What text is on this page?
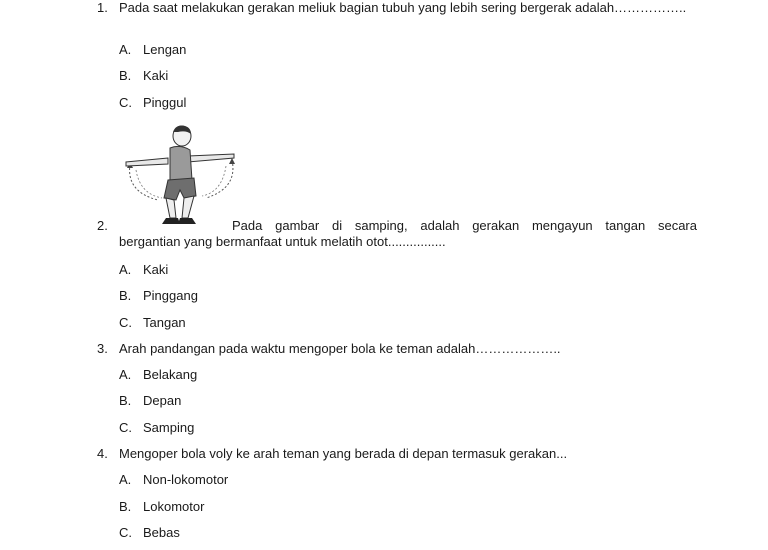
1. Pada saat melakukan gerakan meliuk bagian tubuh yang lebih sering bergerak adalah……………..
A. Lengan
B. Kaki
C. Pinggul
2.	Pada gambar di samping, adalah gerakan mengayun tangan secara
bergantian yang bermanfaat untuk melatih otot................
A. Kaki
B. Pinggang
C. Tangan
3. Arah pandangan pada waktu mengoper bola ke teman adalah………………..
A. Belakang
B. Depan
C. Samping
4. Mengoper bola voly ke arah teman yang berada di depan termasuk gerakan...
A. Non-lokomotor
B. Lokomotor
C. Bebas
